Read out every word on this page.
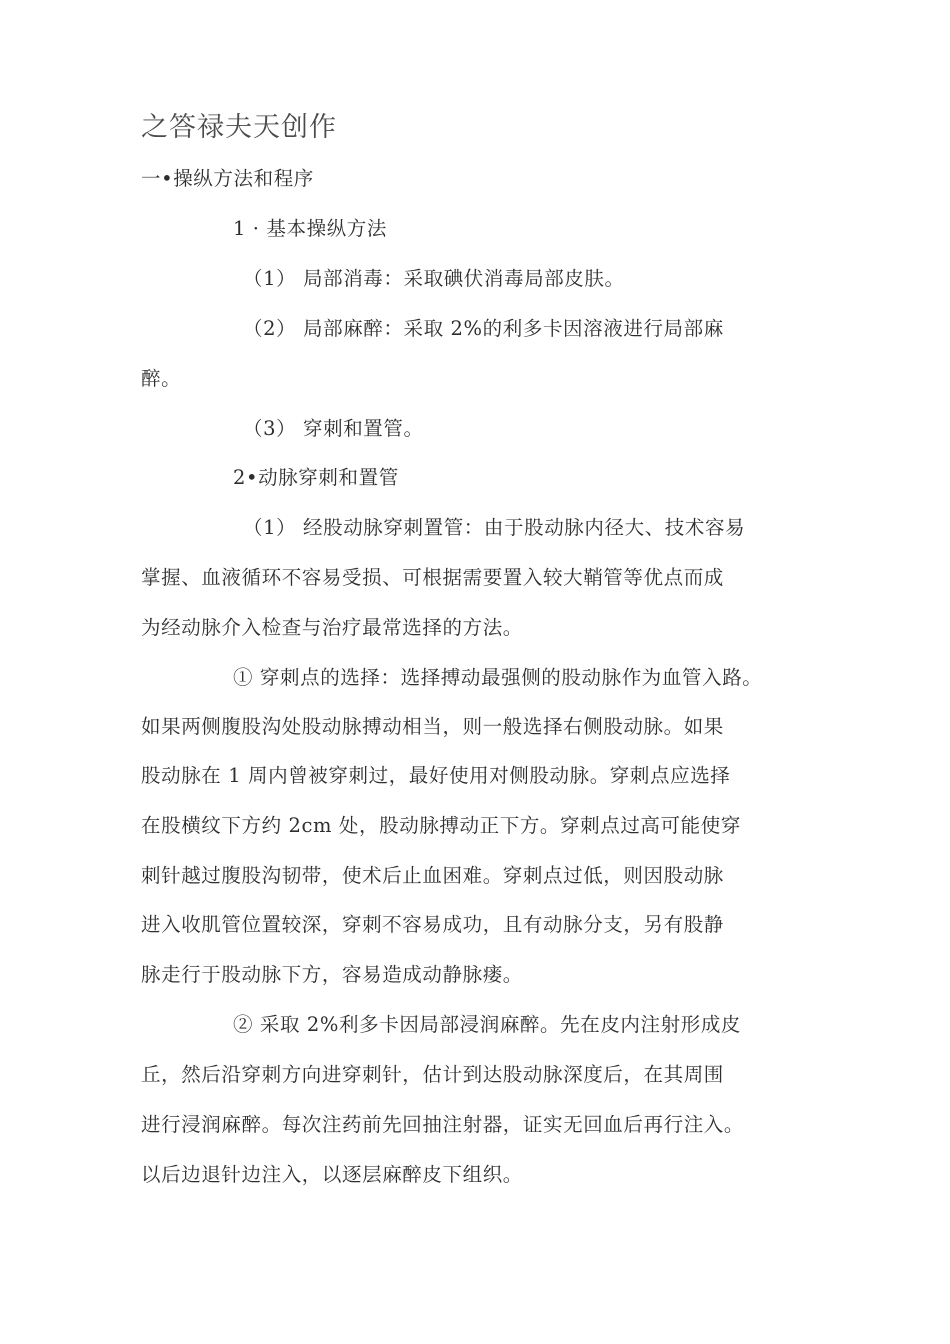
之答禄夫天创作
一•操纵方法和程序
1 · 基本操纵方法
（1） 局部消毒：采取碘伏消毒局部皮肤。
（2） 局部麻醉：采取 2%的利多卡因溶液进行局部麻
醉。
（3） 穿刺和置管。
2•动脉穿刺和置管
（1） 经股动脉穿刺置管：由于股动脉内径大、技术容易
掌握、血液循环不容易受损、可根据需要置入较大鞘管等优点而成
为经动脉介入检查与治疗最常选择的方法。
① 穿刺点的选择：选择搏动最强侧的股动脉作为血管入路。
如果两侧腹股沟处股动脉搏动相当，则一般选择右侧股动脉。如果
股动脉在 1 周内曾被穿刺过，最好使用对侧股动脉。穿刺点应选择
在股横纹下方约 2cm 处，股动脉搏动正下方。穿刺点过高可能使穿
刺针越过腹股沟韧带，使术后止血困难。穿刺点过低，则因股动脉
进入收肌管位置较深，穿刺不容易成功，且有动脉分支，另有股静
脉走行于股动脉下方，容易造成动静脉瘘。
② 采取 2%利多卡因局部浸润麻醉。先在皮内注射形成皮
丘，然后沿穿刺方向进穿刺针，估计到达股动脉深度后，在其周围
进行浸润麻醉。每次注药前先回抽注射器，证实无回血后再行注入。
以后边退针边注入，以逐层麻醉皮下组织。
